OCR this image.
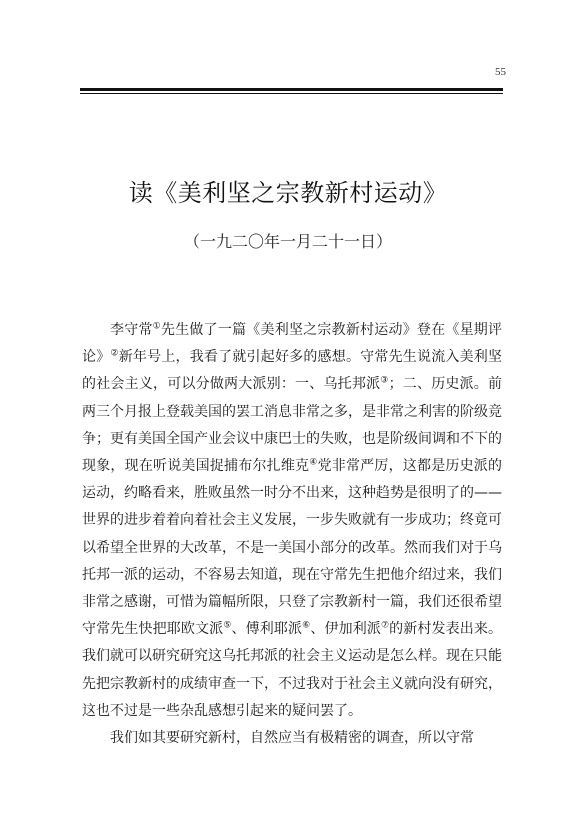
55
读《美利坚之宗教新村运动》
（一九二〇年一月二十一日）

李守常①先生做了一篇《美利坚之宗教新村运动》登在《星期评论》②新年号上，我看了就引起好多的感想。守常先生说流入美利坚的社会主义，可以分做两大派别：一、乌托邦派③；二、历史派。前两三个月报上登载美国的罢工消息非常之多，是非常之利害的阶级竞争；更有美国全国产业会议中康巴士的失败，也是阶级间调和不下的现象，现在听说美国捉捕布尔扎维克④党非常严厉，这都是历史派的运动，约略看来，胜败虽然一时分不出来，这种趋势是很明了的——世界的进步着着向着社会主义发展，一步失败就有一步成功；终竟可以希望全世界的大改革，不是一美国小部分的改革。然而我们对于乌托邦一派的运动，不容易去知道，现在守常先生把他介绍过来，我们非常之感谢，可惜为篇幅所限，只登了宗教新村一篇，我们还很希望守常先生快把耶欧文派⑤、傅利耶派⑥、伊加利派⑦的新村发表出来。我们就可以研究研究这乌托邦派的社会主义运动是怎么样。现在只能先把宗教新村的成绩审查一下，不过我对于社会主义就向没有研究，这也不过是一些杂乱感想引起来的疑问罢了。

我们如其要研究新村，自然应当有极精密的调查，所以守常
